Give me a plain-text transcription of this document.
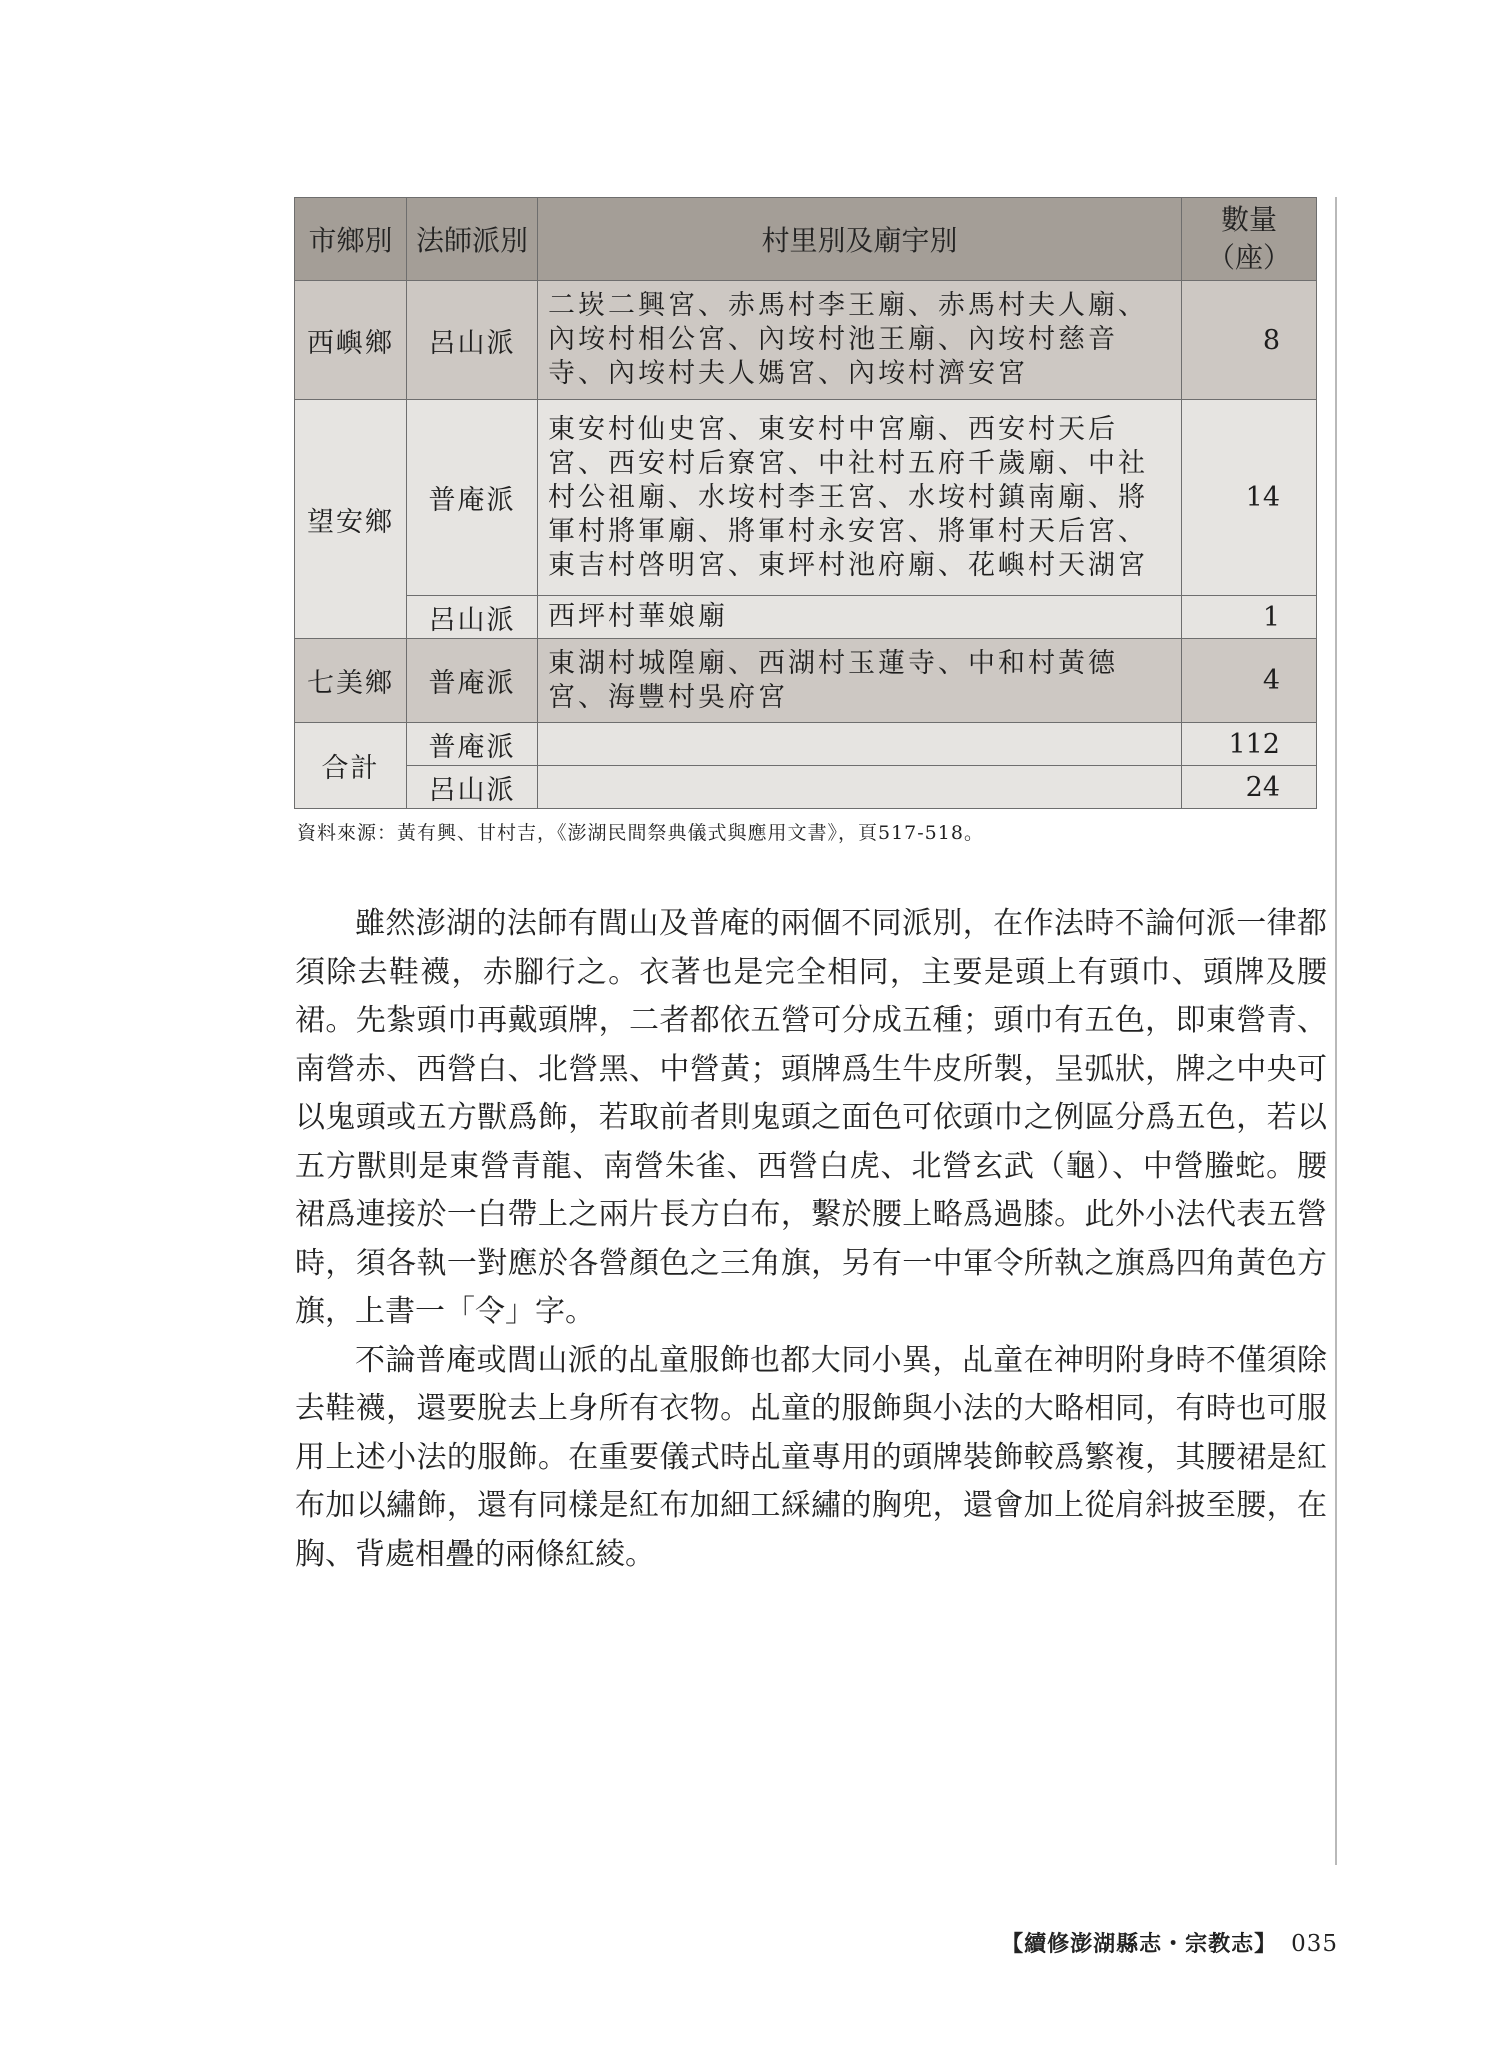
市鄉別	法師派別	村里別及廟宇別	數量
（座）

西嶼鄉	呂山派	二崁二興宮、赤馬村李王廟、赤馬村夫人廟、內垵村相公宮、內垵村池王廟、內垵村慈音寺、內垵村夫人媽宮、內垵村濟安宮	8
望安鄉	普庵派	東安村仙史宮、東安村中宮廟、西安村天后宮、西安村后寮宮、中社村五府千歲廟、中社村公祖廟、水垵村李王宮、水垵村鎮南廟、將軍村將軍廟、將軍村永安宮、將軍村天后宮、東吉村啓明宮、東坪村池府廟、花嶼村天湖宮	14
	呂山派	西坪村華娘廟	1
七美鄉	普庵派	東湖村城隍廟、西湖村玉蓮寺、中和村黃德宮、海豐村吳府宮	4
合計	普庵派		112
	呂山派		24
資料來源：黃有興、甘村吉，《澎湖民間祭典儀式與應用文書》，頁517-518。

雖然澎湖的法師有閭山及普庵的兩個不同派別，在作法時不論何派一律都須除去鞋襪，赤腳行之。衣著也是完全相同，主要是頭上有頭巾、頭牌及腰裙。先紮頭巾再戴頭牌，二者都依五營可分成五種；頭巾有五色，即東營青、南營赤、西營白、北營黑、中營黃；頭牌爲生牛皮所製，呈弧狀，牌之中央可以鬼頭或五方獸爲飾，若取前者則鬼頭之面色可依頭巾之例區分爲五色，若以五方獸則是東營青龍、南營朱雀、西營白虎、北營玄武（龜）、中營螣蛇。腰裙爲連接於一白帶上之兩片長方白布，繫於腰上略爲過膝。此外小法代表五營時，須各執一對應於各營顏色之三角旗，另有一中軍令所執之旗爲四角黃色方旗，上書一「令」字。

不論普庵或閭山派的乩童服飾也都大同小異，乩童在神明附身時不僅須除去鞋襪，還要脫去上身所有衣物。乩童的服飾與小法的大略相同，有時也可服用上述小法的服飾。在重要儀式時乩童專用的頭牌裝飾較爲繁複，其腰裙是紅布加以繡飾，還有同樣是紅布加細工綵繡的胸兜，還會加上從肩斜披至腰，在胸、背處相疊的兩條紅綾。

【續修澎湖縣志・宗教志】 035
